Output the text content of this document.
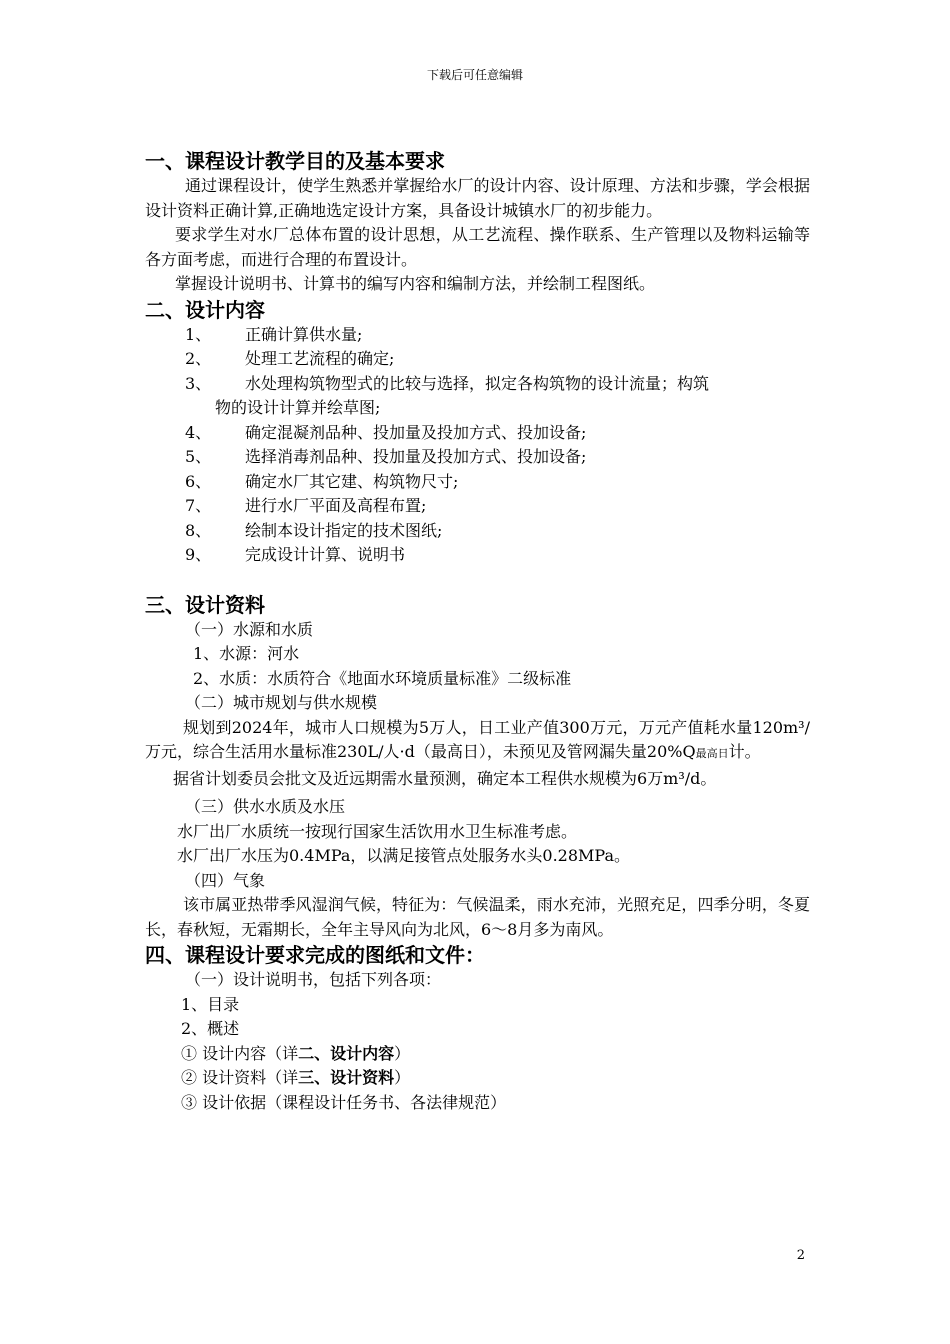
下载后可任意编辑

一、课程设计教学目的及基本要求

通过课程设计，使学生熟悉并掌握给水厂的设计内容、设计原理、方法和步骤，学会根据设计资料正确计算,正确地选定设计方案，具备设计城镇水厂的初步能力。

要求学生对水厂总体布置的设计思想，从工艺流程、操作联系、生产管理以及物料运输等各方面考虑，而进行合理的布置设计。

掌握设计说明书、计算书的编写内容和编制方法，并绘制工程图纸。

二、设计内容

1、	正确计算供水量;
2、	处理工艺流程的确定;
3、	水处理构筑物型式的比较与选择，拟定各构筑物的设计流量；构筑

物的设计计算并绘草图;

4、	确定混凝剂品种、投加量及投加方式、投加设备;
5、	选择消毒剂品种、投加量及投加方式、投加设备;
6、	确定水厂其它建、构筑物尺寸;
7、	进行水厂平面及高程布置;
8、	绘制本设计指定的技术图纸;
9、	完成设计计算、说明书

三、设计资料

（一）水源和水质

1、水源：河水

2、水质：水质符合《地面水环境质量标准》二级标准

（二）城市规划与供水规模

规划到2024年，城市人口规模为5万人，日工业产值300万元，万元产值耗水量120m³/万元，综合生活用水量标准230L/人·d（最高日），未预见及管网漏失量20%Q最高日计。

据省计划委员会批文及近远期需水量预测，确定本工程供水规模为6万m³/d。

（三）供水水质及水压

水厂出厂水质统一按现行国家生活饮用水卫生标准考虑。

水厂出厂水压为0.4MPa，以满足接管点处服务水头0.28MPa。

（四）气象

该市属亚热带季风湿润气候，特征为：气候温柔，雨水充沛，光照充足，四季分明，冬夏长，春秋短，无霜期长，全年主导风向为北风，6～8月多为南风。

四、课程设计要求完成的图纸和文件：

（一）设计说明书，包括下列各项：

1、目录

2、概述

① 设计内容（详二、设计内容）

② 设计资料（详三、设计资料）

③ 设计依据（课程设计任务书、各法律规范）

2
